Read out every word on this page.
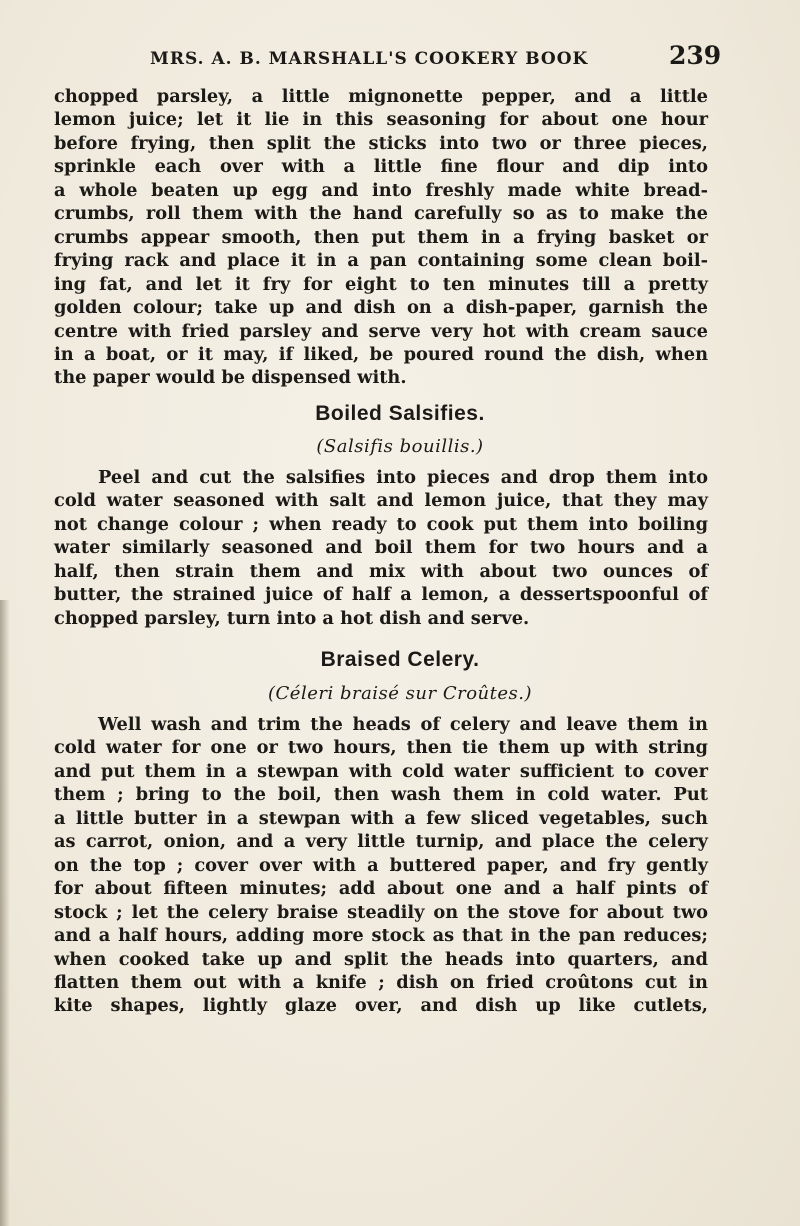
MRS. A. B. MARSHALL'S COOKERY BOOK	239

chopped parsley, a little mignonette pepper, and a little
lemon juice; let it lie in this seasoning for about one hour
before frying, then split the sticks into two or three pieces,
sprinkle each over with a little fine flour and dip into
a whole beaten up egg and into freshly made white bread-
crumbs, roll them with the hand carefully so as to make the
crumbs appear smooth, then put them in a frying basket or
frying rack and place it in a pan containing some clean boil-
ing fat, and let it fry for eight to ten minutes till a pretty
golden colour; take up and dish on a dish-paper, garnish the
centre with fried parsley and serve very hot with cream sauce
in a boat, or it may, if liked, be poured round the dish, when
the paper would be dispensed with.

Boiled Salsifies.
(Salsifis bouillis.)

Peel and cut the salsifies into pieces and drop them into
cold water seasoned with salt and lemon juice, that they may
not change colour ; when ready to cook put them into boiling
water similarly seasoned and boil them for two hours and a
half, then strain them and mix with about two ounces of
butter, the strained juice of half a lemon, a dessertspoonful of
chopped parsley, turn into a hot dish and serve.

Braised Celery.
(Céleri braisé sur Croûtes.)

Well wash and trim the heads of celery and leave them in
cold water for one or two hours, then tie them up with string
and put them in a stewpan with cold water sufficient to cover
them ; bring to the boil, then wash them in cold water. Put
a little butter in a stewpan with a few sliced vegetables, such
as carrot, onion, and a very little turnip, and place the celery
on the top ; cover over with a buttered paper, and fry gently
for about fifteen minutes; add about one and a half pints of
stock ; let the celery braise steadily on the stove for about two
and a half hours, adding more stock as that in the pan reduces;
when cooked take up and split the heads into quarters, and
flatten them out with a knife ; dish on fried croûtons cut in
kite shapes, lightly glaze over, and dish up like cutlets,
